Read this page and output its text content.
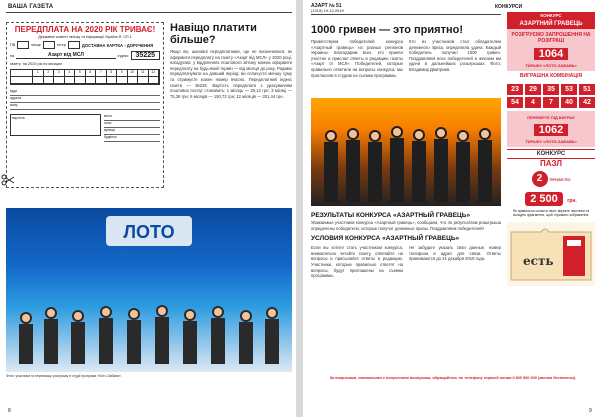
ВАША ГАЗЕТА
ПЕРЕДПЛАТА НА 2020 РІК ТРИВАЄ!
Державне комітет зв'язку та інформації України Ф. СП-1
ПВ	місце	літер	ДОСТАВНА КАРТКА - ДОРУЧЕННЯ
на	Азарт від МСЛ	індекс	35225
газету на 2020 рік по місяцях
1	2	3	4	5	6	7	8	9	10	11	12
куди
адреса
кому
вартість	місто
село
вулиця
будинок
Навіщо платити більше?

Якщо ви, шановні передплатники, ще не визначилися, як оформити передплату на газету «Азарт від МСЛ» у 2020 році, нагадуємо: у відділеннях поштового зв'язку можна оформити передплату на будь-який термін — від місяця до року. Радимо передплачувати на довший період: ви сплачуєте меншу суму та отримуєте кожен номер вчасно. Передплатний індекс газети — 35225. Вартість передплати з урахуванням поштових послуг становить: 1 місяць — 25,12 грн; 3 місяці — 75,36 грн; 6 місяців — 150,72 грн; 12 місяців — 301,44 грн.

ЛОТО
Фото: учасники та переможці розіграшу в студії програми «Лото-Забава».
8
АЗАРТ № 51
(1315) 19.12.2019
КОНКУРСИ
1000 гривен — это приятно!

Приветствуем победителей конкурса «Азартный гравець» из разных регионов Украины. Благодарим всех, кто принял участие и прислал ответы в редакцию газеты «Азарт от МСЛ». Победителей, которые правильно ответили на вопросы конкурса, мы пригласили в студию на съемки программы.

Кто из участников стал обладателем денежного приза, определила удача. Каждый победитель получил 1000 гривен. Поздравляем всех победителей и желаем им удачи в дальнейших розыгрышах. Фото: Владимир Дмитриев.

РЕЗУЛЬТАТЫ КОНКУРСА «АЗАРТНЫЙ ГРАВЕЦЬ»

Уважаемые участники конкурса «Азартный гравець», сообщаем, что по результатам розыгрыша определены победители, которые получат денежные призы. Поздравляем победителей!

УСЛОВИЯ КОНКУРСА «АЗАРТНЫЙ ГРАВЕЦЬ»

Если вы хотите стать участником конкурса, внимательно читайте газету, отвечайте на вопросы и присылайте ответы в редакцию. Участники, которые правильно ответят на вопросы, будут приглашены на съемки программы.

Не забудьте указать свои данные, номер телефона и адрес для связи. Ответы принимаются до 31 декабря 2019 года.

За вопросами, связанными с получением выигрыша, обращайтесь по телефону горячей линии 0 800 500 000 (звонки бесплатны).
КОНКУРС
АЗАРТНИЙ ГРАВЕЦЬ
РОЗІГРУЄМО ЗАПРОШЕННЯ НА РОЗІГРАШ
1064
ТИРАЖУ «ЛОТО-ЗАБАВА»
ВИГРАШНА КОМБІНАЦІЯ
23	29	35	53	51
54	4	7	40	42
ПЕРЕВІРТЕ ПІД ВИГРАХ
1062
ТИРАЖУ «ЛОТО-ЗАБАВА»
КОНКУРС
ПАЗЛ
2	ПРИЗИ ПО
2 500 грн.
Як правильно скласти пазл: виріжте частинки та складіть фрагменти, щоб отримати зображення.
есть
9
